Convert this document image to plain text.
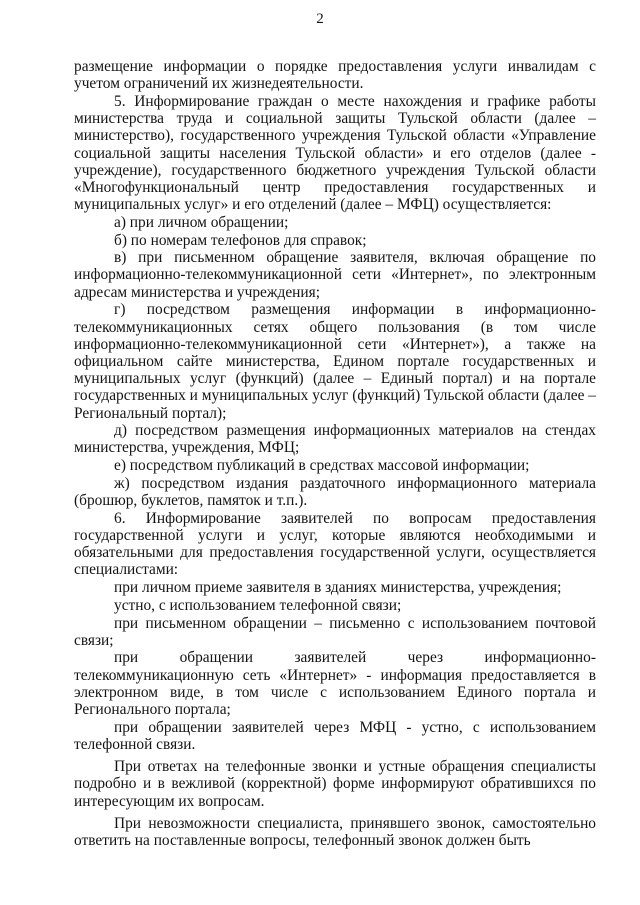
2

размещение информации о порядке предоставления услуги инвалидам с учетом ограничений их жизнедеятельности.

5. Информирование граждан о месте нахождения и графике работы министерства труда и социальной защиты Тульской области (далее – министерство), государственного учреждения Тульской области «Управление социальной защиты населения Тульской области» и его отделов (далее - учреждение), государственного бюджетного учреждения Тульской области «Многофункциональный центр предоставления государственных и муниципальных услуг» и его отделений (далее – МФЦ) осуществляется:

а) при личном обращении;

б) по номерам телефонов для справок;

в) при письменном обращение заявителя, включая обращение по информационно-телекоммуникационной сети «Интернет», по электронным адресам министерства и учреждения;

г) посредством размещения информации в информационно-телекоммуникационных сетях общего пользования (в том числе информационно-телекоммуникационной сети «Интернет»), а также на официальном сайте министерства, Едином портале государственных и муниципальных услуг (функций) (далее – Единый портал) и на портале государственных и муниципальных услуг (функций) Тульской области (далее – Региональный портал);

д) посредством размещения информационных материалов на стендах министерства, учреждения, МФЦ;

е) посредством публикаций в средствах массовой информации;

ж) посредством издания раздаточного информационного материала (брошюр, буклетов, памяток и т.п.).

6. Информирование заявителей по вопросам предоставления государственной услуги и услуг, которые являются необходимыми и обязательными для предоставления государственной услуги, осуществляется специалистами:

при личном приеме заявителя в зданиях министерства, учреждения;

устно, с использованием телефонной связи;

при письменном обращении – письменно с использованием почтовой связи;

при обращении заявителей через информационно-телекоммуникационную сеть «Интернет» - информация предоставляется в электронном виде, в том числе с использованием Единого портала и Регионального портала;

при обращении заявителей через МФЦ - устно, с использованием телефонной связи.

При ответах на телефонные звонки и устные обращения специалисты подробно и в вежливой (корректной) форме информируют обратившихся по интересующим их вопросам.

При невозможности специалиста, принявшего звонок, самостоятельно ответить на поставленные вопросы, телефонный звонок должен быть
